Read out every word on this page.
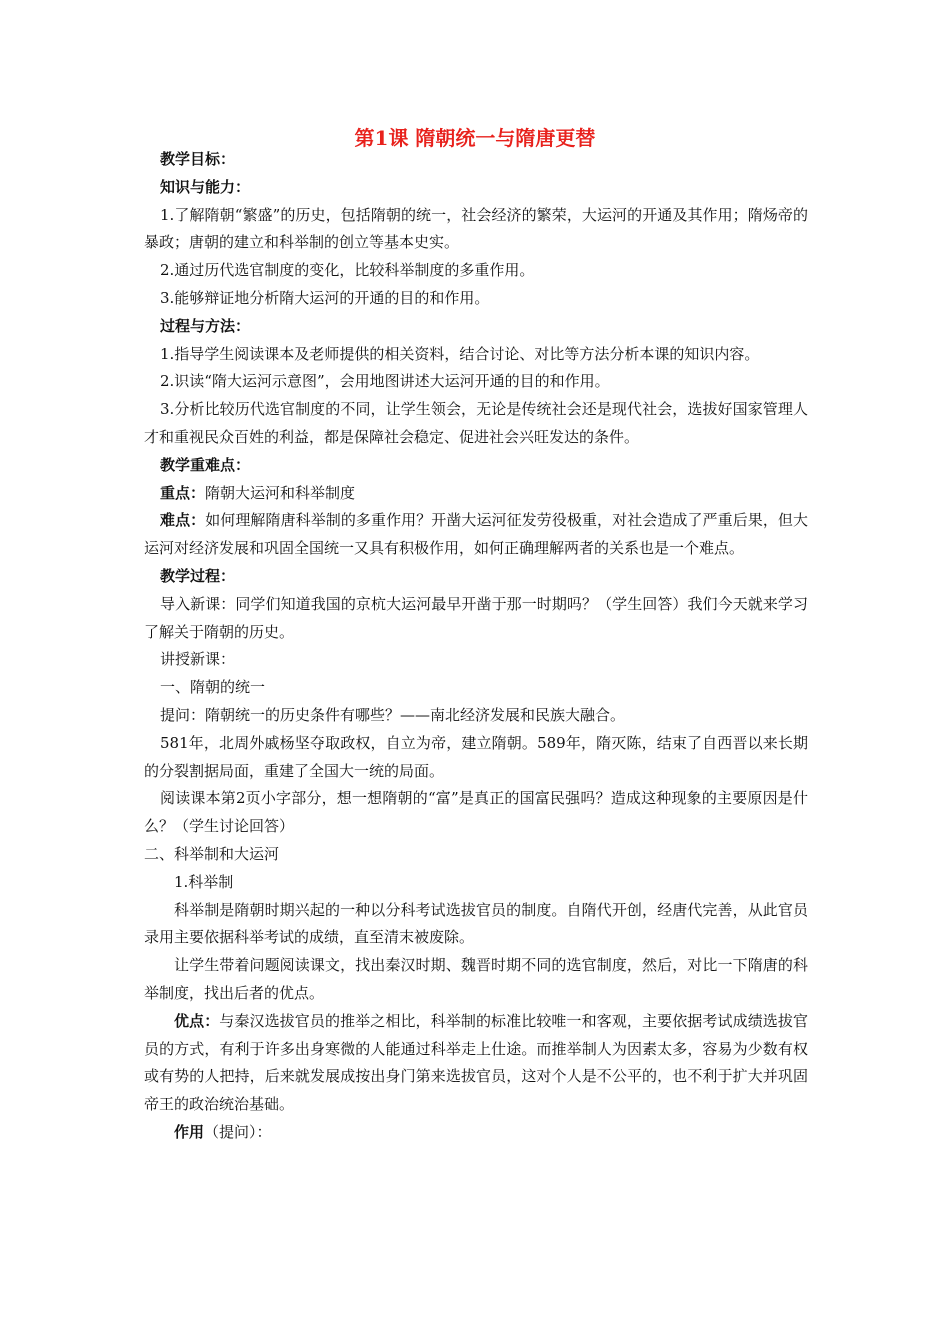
第1课 隋朝统一与隋唐更替

教学目标：

知识与能力：

1.了解隋朝“繁盛”的历史，包括隋朝的统一，社会经济的繁荣，大运河的开通及其作用；隋炀帝的暴政；唐朝的建立和科举制的创立等基本史实。

2.通过历代选官制度的变化，比较科举制度的多重作用。

3.能够辩证地分析隋大运河的开通的目的和作用。

过程与方法：

1.指导学生阅读课本及老师提供的相关资料，结合讨论、对比等方法分析本课的知识内容。

2.识读“隋大运河示意图”，会用地图讲述大运河开通的目的和作用。

3.分析比较历代选官制度的不同，让学生领会，无论是传统社会还是现代社会，选拔好国家管理人才和重视民众百姓的利益，都是保障社会稳定、促进社会兴旺发达的条件。

教学重难点：

重点：隋朝大运河和科举制度

难点：如何理解隋唐科举制的多重作用？开凿大运河征发劳役极重，对社会造成了严重后果，但大运河对经济发展和巩固全国统一又具有积极作用，如何正确理解两者的关系也是一个难点。

教学过程：

导入新课：同学们知道我国的京杭大运河最早开凿于那一时期吗？（学生回答）我们今天就来学习了解关于隋朝的历史。

讲授新课：

一、隋朝的统一

提问：隋朝统一的历史条件有哪些？——南北经济发展和民族大融合。

581年，北周外戚杨坚夺取政权，自立为帝，建立隋朝。589年，隋灭陈，结束了自西晋以来长期的分裂割据局面，重建了全国大一统的局面。

阅读课本第2页小字部分，想一想隋朝的“富”是真正的国富民强吗？造成这种现象的主要原因是什么？（学生讨论回答）

二、科举制和大运河

1.科举制

科举制是隋朝时期兴起的一种以分科考试选拔官员的制度。自隋代开创，经唐代完善，从此官员录用主要依据科举考试的成绩，直至清末被废除。

让学生带着问题阅读课文，找出秦汉时期、魏晋时期不同的选官制度，然后，对比一下隋唐的科举制度，找出后者的优点。

优点：与秦汉选拔官员的推举之相比，科举制的标准比较唯一和客观，主要依据考试成绩选拔官员的方式，有利于许多出身寒微的人能通过科举走上仕途。而推举制人为因素太多，容易为少数有权或有势的人把持，后来就发展成按出身门第来选拔官员，这对个人是不公平的，也不利于扩大并巩固帝王的政治统治基础。

作用（提问）：
